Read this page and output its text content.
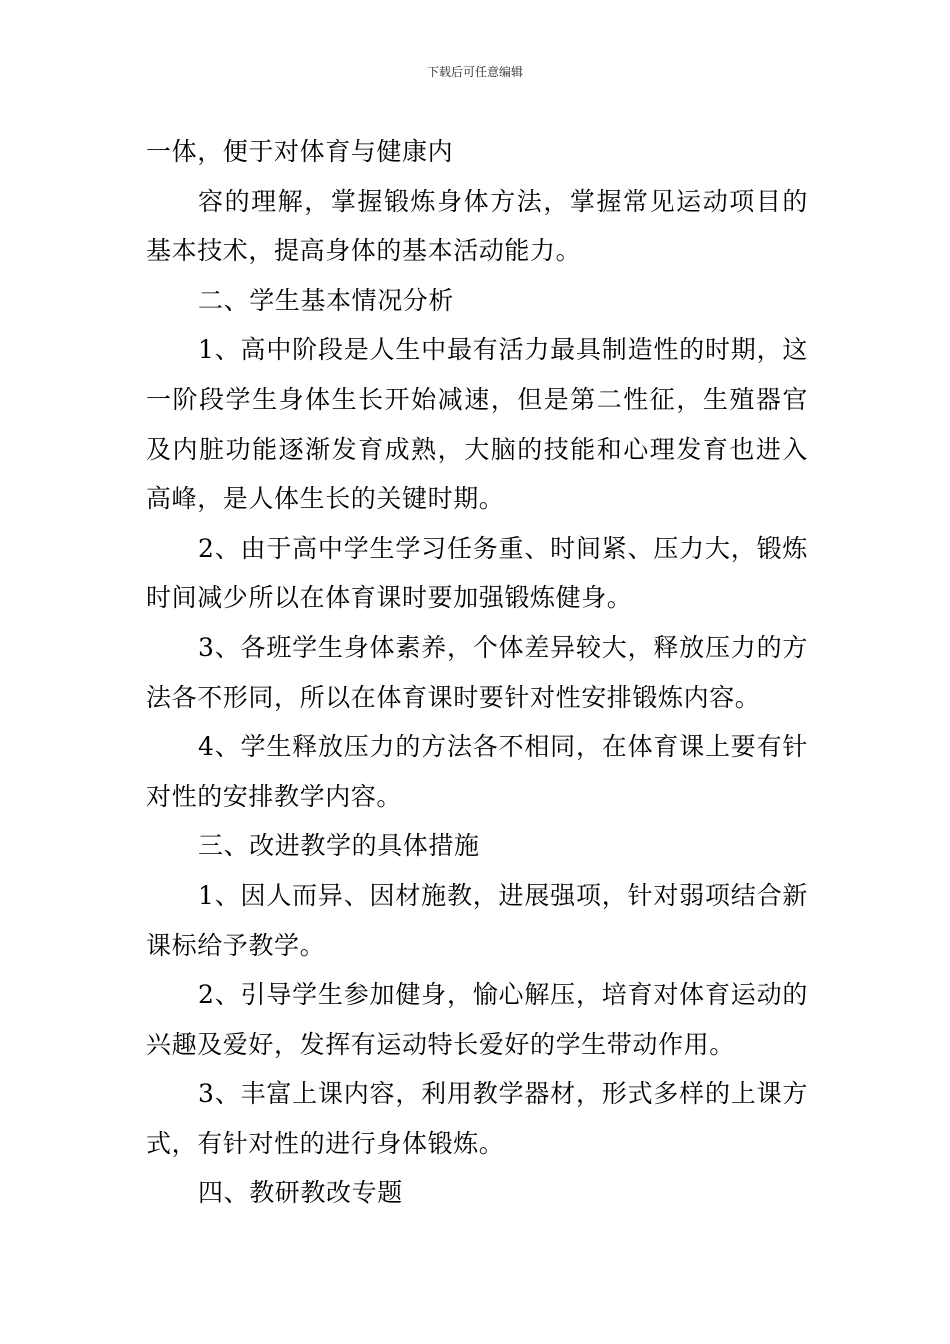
下载后可任意编辑

一体，便于对体育与健康内

容的理解，掌握锻炼身体方法，掌握常见运动项目的基本技术，提高身体的基本活动能力。

二、学生基本情况分析

1、高中阶段是人生中最有活力最具制造性的时期，这一阶段学生身体生长开始减速，但是第二性征，生殖器官及内脏功能逐渐发育成熟，大脑的技能和心理发育也进入高峰，是人体生长的关键时期。

2、由于高中学生学习任务重、时间紧、压力大，锻炼时间减少所以在体育课时要加强锻炼健身。

3、各班学生身体素养，个体差异较大，释放压力的方法各不形同，所以在体育课时要针对性安排锻炼内容。

4、学生释放压力的方法各不相同，在体育课上要有针对性的安排教学内容。

三、改进教学的具体措施

1、因人而异、因材施教，进展强项，针对弱项结合新课标给予教学。

2、引导学生参加健身，愉心解压，培育对体育运动的兴趣及爱好，发挥有运动特长爱好的学生带动作用。

3、丰富上课内容，利用教学器材，形式多样的上课方式，有针对性的进行身体锻炼。

四、教研教改专题
